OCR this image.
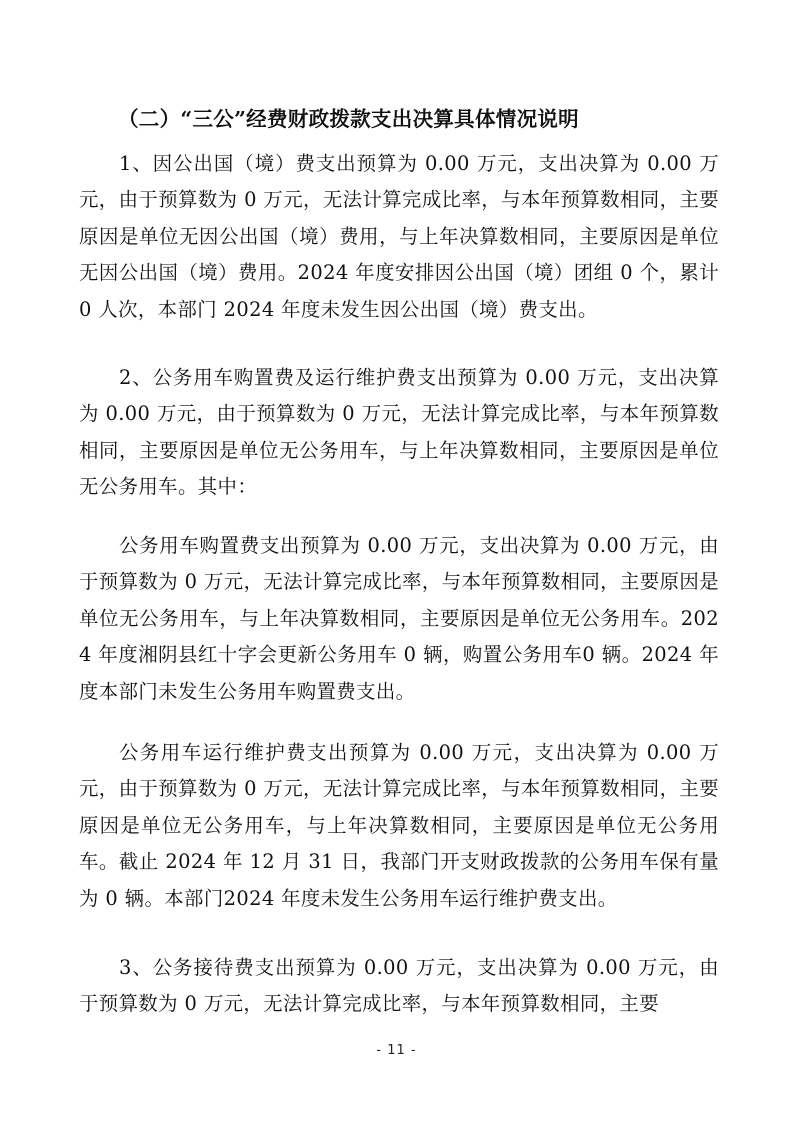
（二）“三公”经费财政拨款支出决算具体情况说明

1、因公出国（境）费支出预算为 0.00 万元，支出决算为 0.00 万元，由于预算数为 0 万元，无法计算完成比率，与本年预算数相同，主要原因是单位无因公出国（境）费用，与上年决算数相同，主要原因是单位无因公出国（境）费用。2024 年度安排因公出国（境）团组 0 个，累计 0 人次，本部门 2024 年度未发生因公出国（境）费支出。

2、公务用车购置费及运行维护费支出预算为 0.00 万元，支出决算为 0.00 万元，由于预算数为 0 万元，无法计算完成比率，与本年预算数相同，主要原因是单位无公务用车，与上年决算数相同，主要原因是单位无公务用车。其中：

公务用车购置费支出预算为 0.00 万元，支出决算为 0.00 万元，由于预算数为 0 万元，无法计算完成比率，与本年预算数相同，主要原因是单位无公务用车，与上年决算数相同，主要原因是单位无公务用车。2024 年度湘阴县红十字会更新公务用车 0 辆，购置公务用车0 辆。2024 年度本部门未发生公务用车购置费支出。

公务用车运行维护费支出预算为 0.00 万元，支出决算为 0.00 万元，由于预算数为 0 万元，无法计算完成比率，与本年预算数相同，主要原因是单位无公务用车，与上年决算数相同，主要原因是单位无公务用车。截止 2024 年 12 月 31 日，我部门开支财政拨款的公务用车保有量为 0 辆。本部门2024 年度未发生公务用车运行维护费支出。

3、公务接待费支出预算为 0.00 万元，支出决算为 0.00 万元，由于预算数为 0 万元，无法计算完成比率，与本年预算数相同，主要

- 11 -
